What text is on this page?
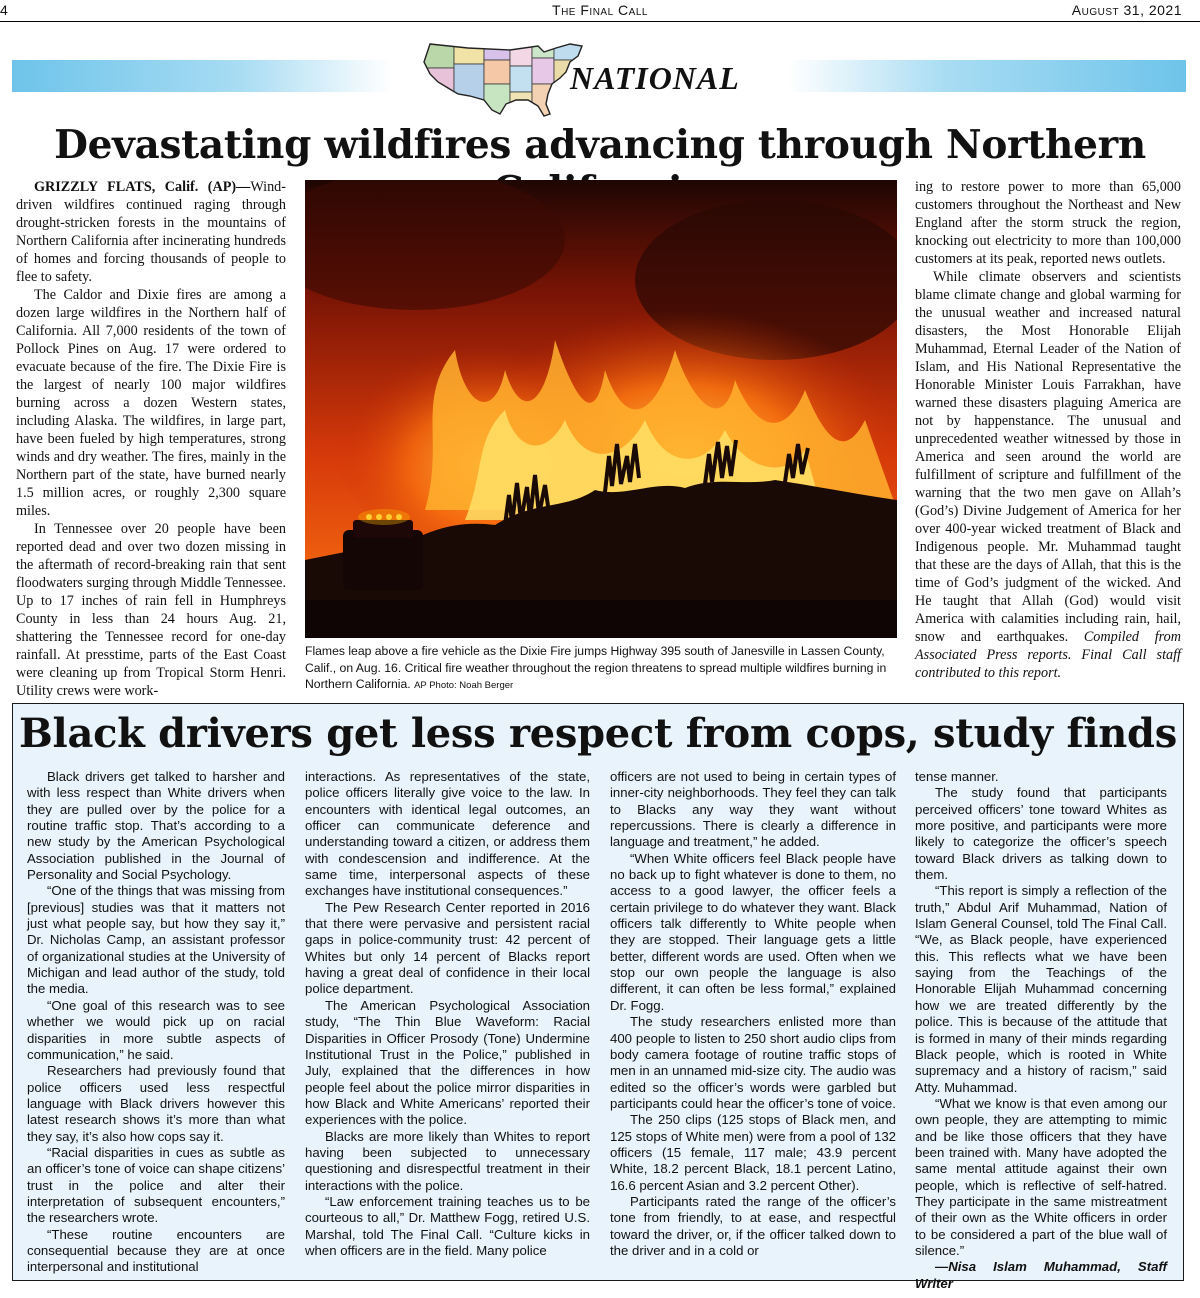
4	The Final Call	August 31, 2021
NATIONAL
Devastating wildfires advancing through Northern

GRIZZLY FLATS, Calif. (AP)—Wind-driven wildfires continued raging through drought-stricken forests in the mountains of Northern California after incinerating hundreds of homes and forcing thousands of people to flee to safety.

The Caldor and Dixie fires are among a dozen large wildfires in the Northern half of California. All 7,000 residents of the town of Pollock Pines on Aug. 17 were ordered to evacuate because of the fire. The Dixie Fire is the largest of nearly 100 major wildfires burning across a dozen Western states, including Alaska. The wildfires, in large part, have been fueled by high temperatures, strong winds and dry weather. The fires, mainly in the Northern part of the state, have burned nearly 1.5 million acres, or roughly 2,300 square miles.

In Tennessee over 20 people have been reported dead and over two dozen missing in the aftermath of record-breaking rain that sent floodwaters surging through Middle Tennessee. Up to 17 inches of rain fell in Humphreys County in less than 24 hours Aug. 21, shattering the Tennessee record for one-day rainfall. At presstime, parts of the East Coast were cleaning up from Tropical Storm Henri. Utility crews were work-

Flames leap above a fire vehicle as the Dixie Fire jumps Highway 395 south of Janesville in Lassen County, Calif., on Aug. 16. Critical fire weather throughout the region threatens to spread multiple wildfires burning in Northern California. AP Photo: Noah Berger

ing to restore power to more than 65,000 customers throughout the Northeast and New England after the storm struck the region, knocking out electricity to more than 100,000 customers at its peak, reported news outlets.

While climate observers and scientists blame climate change and global warming for the unusual weather and increased natural disasters, the Most Honorable Elijah Muhammad, Eternal Leader of the Nation of Islam, and His National Representative the Honorable Minister Louis Farrakhan, have warned these disasters plaguing America are not by happenstance. The unusual and unprecedented weather witnessed by those in America and seen around the world are fulfillment of scripture and fulfillment of the warning that the two men gave on Allah’s (God’s) Divine Judgement of America for her over 400-year wicked treatment of Black and Indigenous people. Mr. Muhammad taught that these are the days of Allah, that this is the time of God’s judgment of the wicked. And He taught that Allah (God) would visit America with calamities including rain, hail, snow and earthquakes. Compiled from Associated Press reports. Final Call staff contributed to this report.

Black drivers get less respect from cops, study finds

Black drivers get talked to harsher and with less respect than White drivers when they are pulled over by the police for a routine traffic stop. That’s according to a new study by the American Psychological Association published in the Journal of Personality and Social Psychology.

“One of the things that was missing from [previous] studies was that it matters not just what people say, but how they say it,” Dr. Nicholas Camp, an assistant professor of organizational studies at the University of Michigan and lead author of the study, told the media.

“One goal of this research was to see whether we would pick up on racial disparities in more subtle aspects of communication,” he said.

Researchers had previously found that police officers used less respectful language with Black drivers however this latest research shows it’s more than what they say, it’s also how cops say it.

“Racial disparities in cues as subtle as an officer’s tone of voice can shape citizens’ trust in the police and alter their interpretation of subsequent encounters,” the researchers wrote.

“These routine encounters are consequential because they are at once interpersonal and institutional

interactions. As representatives of the state, police officers literally give voice to the law. In encounters with identical legal outcomes, an officer can communicate deference and understanding toward a citizen, or address them with condescension and indifference. At the same time, interpersonal aspects of these exchanges have institutional consequences.”

The Pew Research Center reported in 2016 that there were pervasive and persistent racial gaps in police-community trust: 42 percent of Whites but only 14 percent of Blacks report having a great deal of confidence in their local police department.

The American Psychological Association study, “The Thin Blue Waveform: Racial Disparities in Officer Prosody (Tone) Undermine Institutional Trust in the Police,” published in July, explained that the differences in how people feel about the police mirror disparities in how Black and White Americans’ reported their experiences with the police.

Blacks are more likely than Whites to report having been subjected to unnecessary questioning and disrespectful treatment in their interactions with the police.

“Law enforcement training teaches us to be courteous to all,” Dr. Matthew Fogg, retired U.S. Marshal, told The Final Call. “Culture kicks in when officers are in the field. Many police

officers are not used to being in certain types of inner-city neighborhoods. They feel they can talk to Blacks any way they want without repercussions. There is clearly a difference in language and treatment,” he added.

“When White officers feel Black people have no back up to fight whatever is done to them, no access to a good lawyer, the officer feels a certain privilege to do whatever they want. Black officers talk differently to White people when they are stopped. Their language gets a little better, different words are used. Often when we stop our own people the language is also different, it can often be less formal,” explained Dr. Fogg.

The study researchers enlisted more than 400 people to listen to 250 short audio clips from body camera footage of routine traffic stops of men in an unnamed mid-size city. The audio was edited so the officer’s words were garbled but participants could hear the officer’s tone of voice.

The 250 clips (125 stops of Black men, and 125 stops of White men) were from a pool of 132 officers (15 female, 117 male; 43.9 percent White, 18.2 percent Black, 18.1 percent Latino, 16.6 percent Asian and 3.2 percent Other).

Participants rated the range of the officer’s tone from friendly, to at ease, and respectful toward the driver, or, if the officer talked down to the driver and in a cold or

tense manner.

The study found that participants perceived officers’ tone toward Whites as more positive, and participants were more likely to categorize the officer’s speech toward Black drivers as talking down to them.

“This report is simply a reflection of the truth,” Abdul Arif Muhammad, Nation of Islam General Counsel, told The Final Call. “We, as Black people, have experienced this. This reflects what we have been saying from the Teachings of the Honorable Elijah Muhammad concerning how we are treated differently by the police. This is because of the attitude that is formed in many of their minds regarding Black people, which is rooted in White supremacy and a history of racism,” said Atty. Muhammad.

“What we know is that even among our own people, they are attempting to mimic and be like those officers that they have been trained with. Many have adopted the same mental attitude against their own people, which is reflective of self-hatred. They participate in the same mistreatment of their own as the White officers in order to be considered a part of the blue wall of silence.”

—Nisa Islam Muhammad, Staff Writer
